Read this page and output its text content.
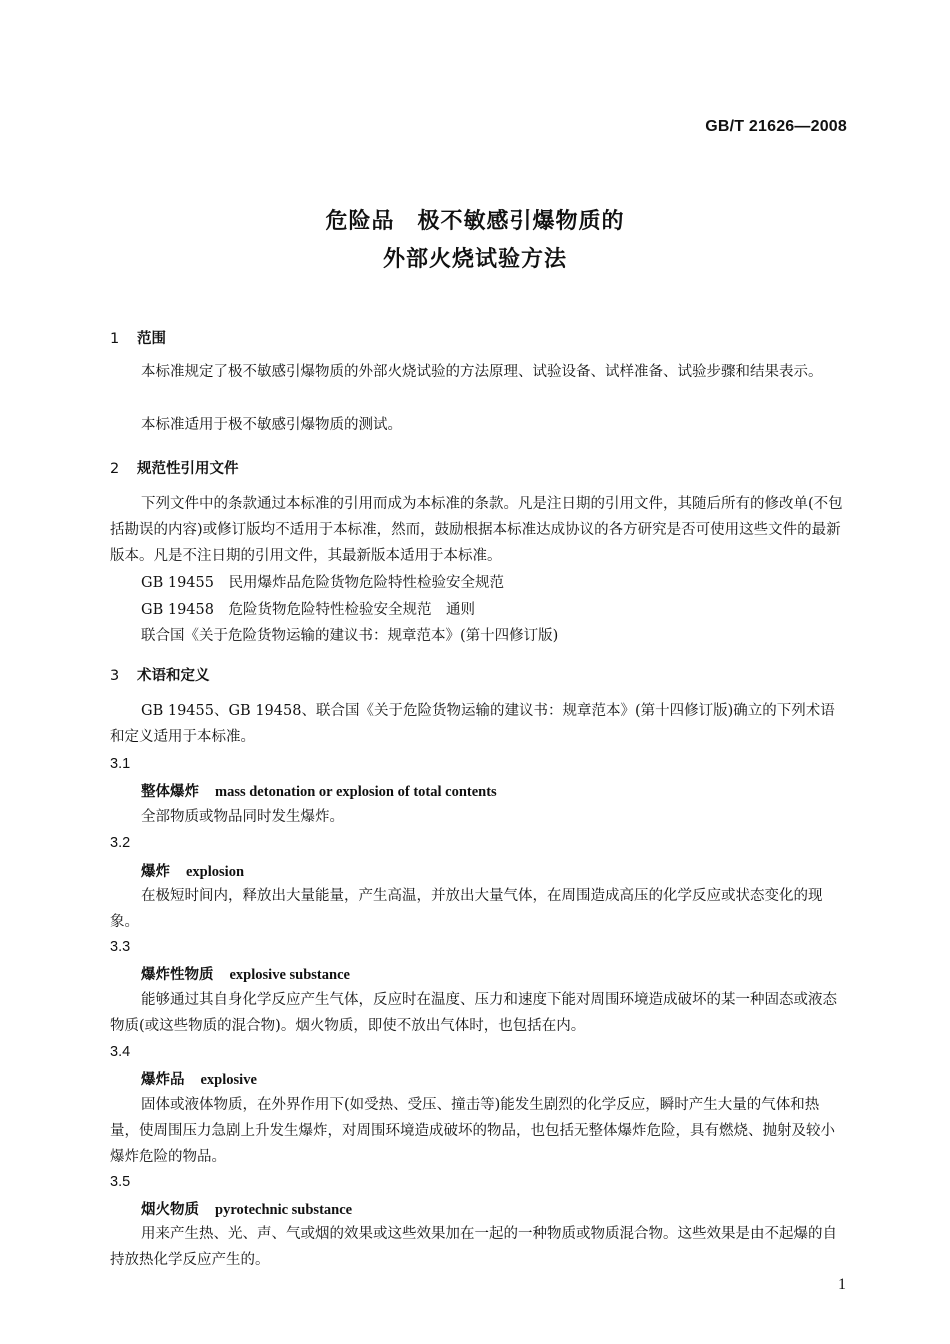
GB/T 21626—2008
危险品　极不敏感引爆物质的
外部火烧试验方法
1 范围
本标准规定了极不敏感引爆物质的外部火烧试验的方法原理、试验设备、试样准备、试验步骤和结果表示。
本标准适用于极不敏感引爆物质的测试。
2 规范性引用文件
下列文件中的条款通过本标准的引用而成为本标准的条款。凡是注日期的引用文件，其随后所有的修改单(不包括勘误的内容)或修订版均不适用于本标准，然而，鼓励根据本标准达成协议的各方研究是否可使用这些文件的最新版本。凡是不注日期的引用文件，其最新版本适用于本标准。
GB 19455　民用爆炸品危险货物危险特性检验安全规范
GB 19458　危险货物危险特性检验安全规范　通则
联合国《关于危险货物运输的建议书：规章范本》(第十四修订版)
3 术语和定义
GB 19455、GB 19458、联合国《关于危险货物运输的建议书：规章范本》(第十四修订版)确立的下列术语和定义适用于本标准。
3.1
整体爆炸 mass detonation or explosion of total contents
全部物质或物品同时发生爆炸。
3.2
爆炸 explosion
在极短时间内，释放出大量能量，产生高温，并放出大量气体，在周围造成高压的化学反应或状态变化的现象。
3.3
爆炸性物质 explosive substance
能够通过其自身化学反应产生气体，反应时在温度、压力和速度下能对周围环境造成破坏的某一种固态或液态物质(或这些物质的混合物)。烟火物质，即使不放出气体时，也包括在内。
3.4
爆炸品 explosive
固体或液体物质，在外界作用下(如受热、受压、撞击等)能发生剧烈的化学反应，瞬时产生大量的气体和热量，使周围压力急剧上升发生爆炸，对周围环境造成破坏的物品，也包括无整体爆炸危险，具有燃烧、抛射及较小爆炸危险的物品。
3.5
烟火物质 pyrotechnic substance
用来产生热、光、声、气或烟的效果或这些效果加在一起的一种物质或物质混合物。这些效果是由不起爆的自持放热化学反应产生的。
1
